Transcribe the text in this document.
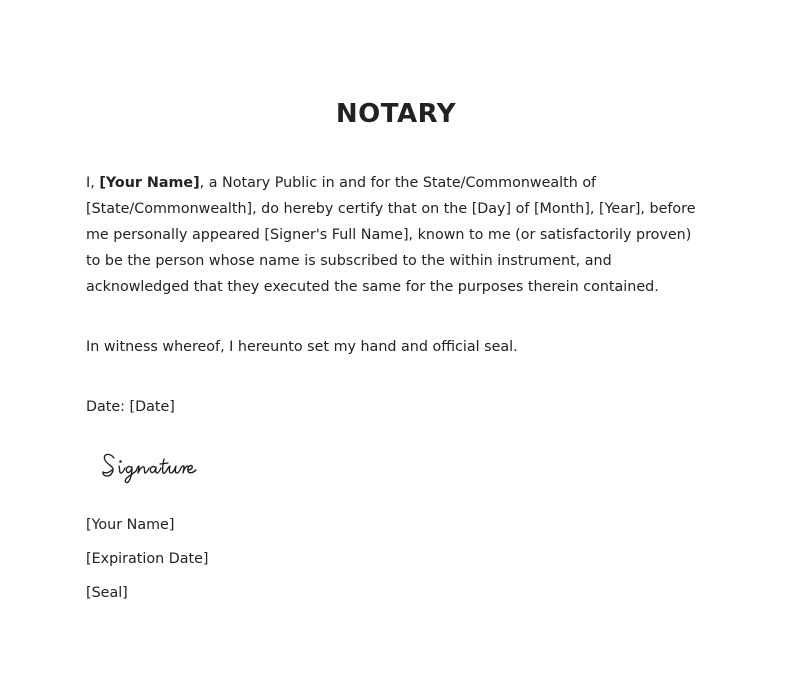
NOTARY

I, [Your Name], a Notary Public in and for the State/Commonwealth of [State/Commonwealth], do hereby certify that on the [Day] of [Month], [Year], before me personally appeared [Signer's Full Name], known to me (or satisfactorily proven) to be the person whose name is subscribed to the within instrument, and acknowledged that they executed the same for the purposes therein contained.

In witness whereof, I hereunto set my hand and official seal.

Date: [Date]

[Your Name]

[Expiration Date]

[Seal]
